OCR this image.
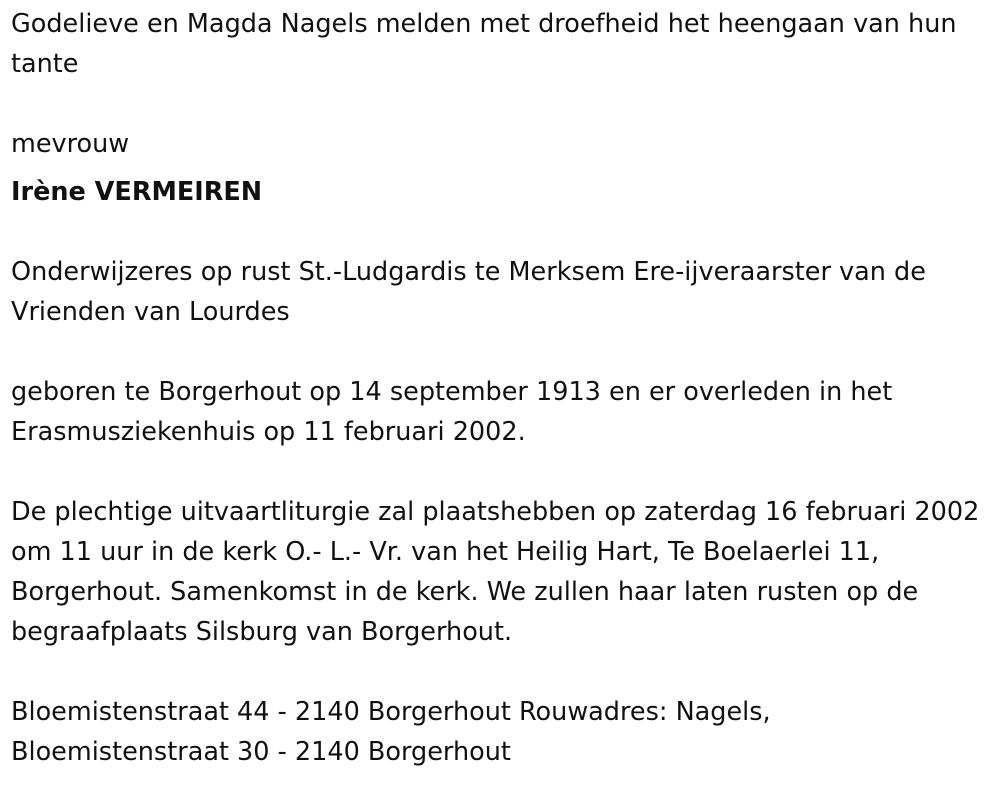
Godelieve en Magda Nagels melden met droefheid het heengaan van hun tante

mevrouw

Irène VERMEIREN

Onderwijzeres op rust St.-Ludgardis te Merksem Ere-ijveraarster van de Vrienden van Lourdes

geboren te Borgerhout op 14 september 1913 en er overleden in het Erasmusziekenhuis op 11 februari 2002.

De plechtige uitvaartliturgie zal plaatshebben op zaterdag 16 februari 2002 om 11 uur in de kerk O.- L.- Vr. van het Heilig Hart, Te Boelaerlei 11, Borgerhout. Samenkomst in de kerk. We zullen haar laten rusten op de begraafplaats Silsburg van Borgerhout.

Bloemistenstraat 44 - 2140 Borgerhout Rouwadres: Nagels, Bloemistenstraat 30 - 2140 Borgerhout
